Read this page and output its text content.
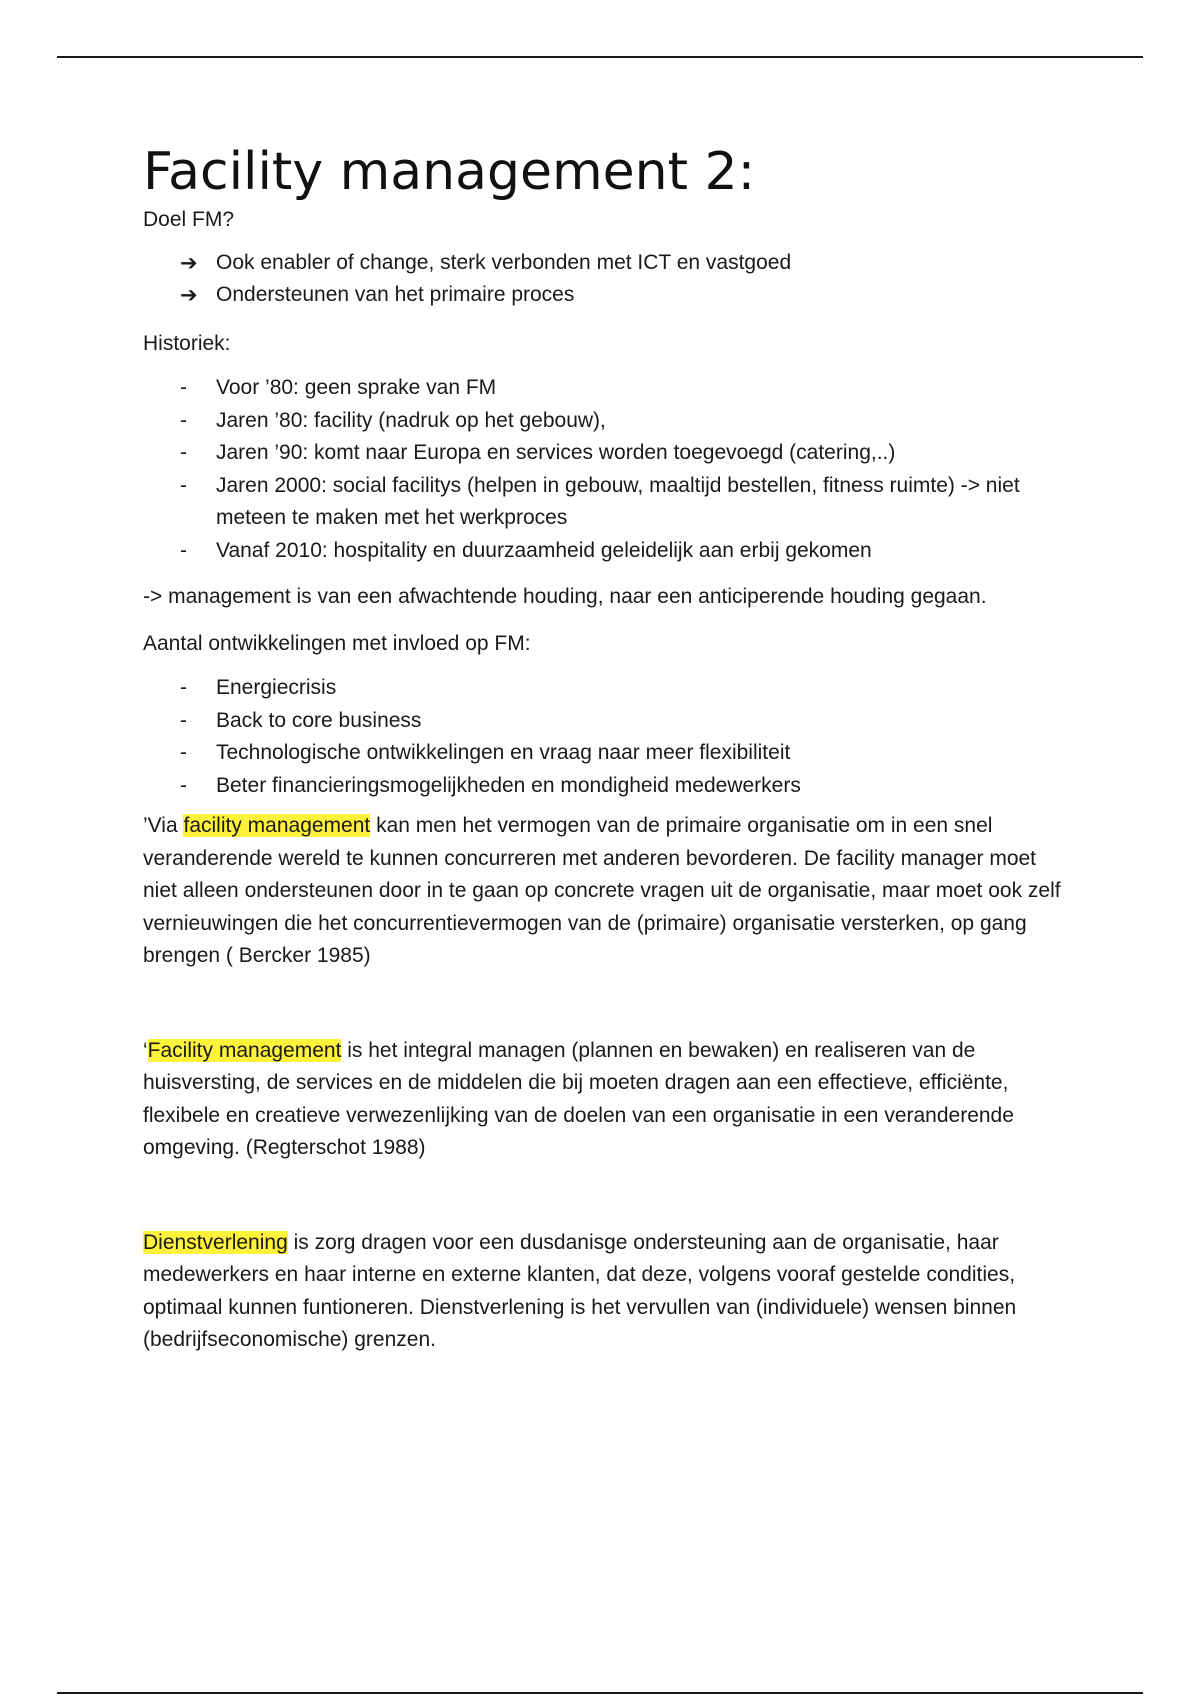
Facility management 2:

Doel FM?

➔ Ook enabler of change, sterk verbonden met ICT en vastgoed
➔ Ondersteunen van het primaire proces

Historiek:

- Voor ’80: geen sprake van FM
- Jaren ’80: facility (nadruk op het gebouw),
- Jaren ’90: komt naar Europa en services worden toegevoegd (catering,..)
- Jaren 2000: social facilitys (helpen in gebouw, maaltijd bestellen, fitness ruimte) -> niet meteen te maken met het werkproces
- Vanaf 2010: hospitality en duurzaamheid geleidelijk aan erbij gekomen

-> management is van een afwachtende houding, naar een anticiperende houding gegaan.

Aantal ontwikkelingen met invloed op FM:

- Energiecrisis
- Back to core business
- Technologische ontwikkelingen en vraag naar meer flexibiliteit
- Beter financieringsmogelijkheden en mondigheid medewerkers

’Via facility management kan men het vermogen van de primaire organisatie om in een snel veranderende wereld te kunnen concurreren met anderen bevorderen. De facility manager moet niet alleen ondersteunen door in te gaan op concrete vragen uit de organisatie, maar moet ook zelf vernieuwingen die het concurrentievermogen van de (primaire) organisatie versterken, op gang brengen ( Bercker 1985)

‘Facility management is het integral managen (plannen en bewaken) en realiseren van de huisversting, de services en de middelen die bij moeten dragen aan een effectieve, efficiënte, flexibele en creatieve verwezenlijking van de doelen van een organisatie in een veranderende omgeving. (Regterschot 1988)

Dienstverlening is zorg dragen voor een dusdanisge ondersteuning aan de organisatie, haar medewerkers en haar interne en externe klanten, dat deze, volgens vooraf gestelde condities, optimaal kunnen funtioneren. Dienstverlening is het vervullen van (individuele) wensen binnen (bedrijfseconomische) grenzen.
